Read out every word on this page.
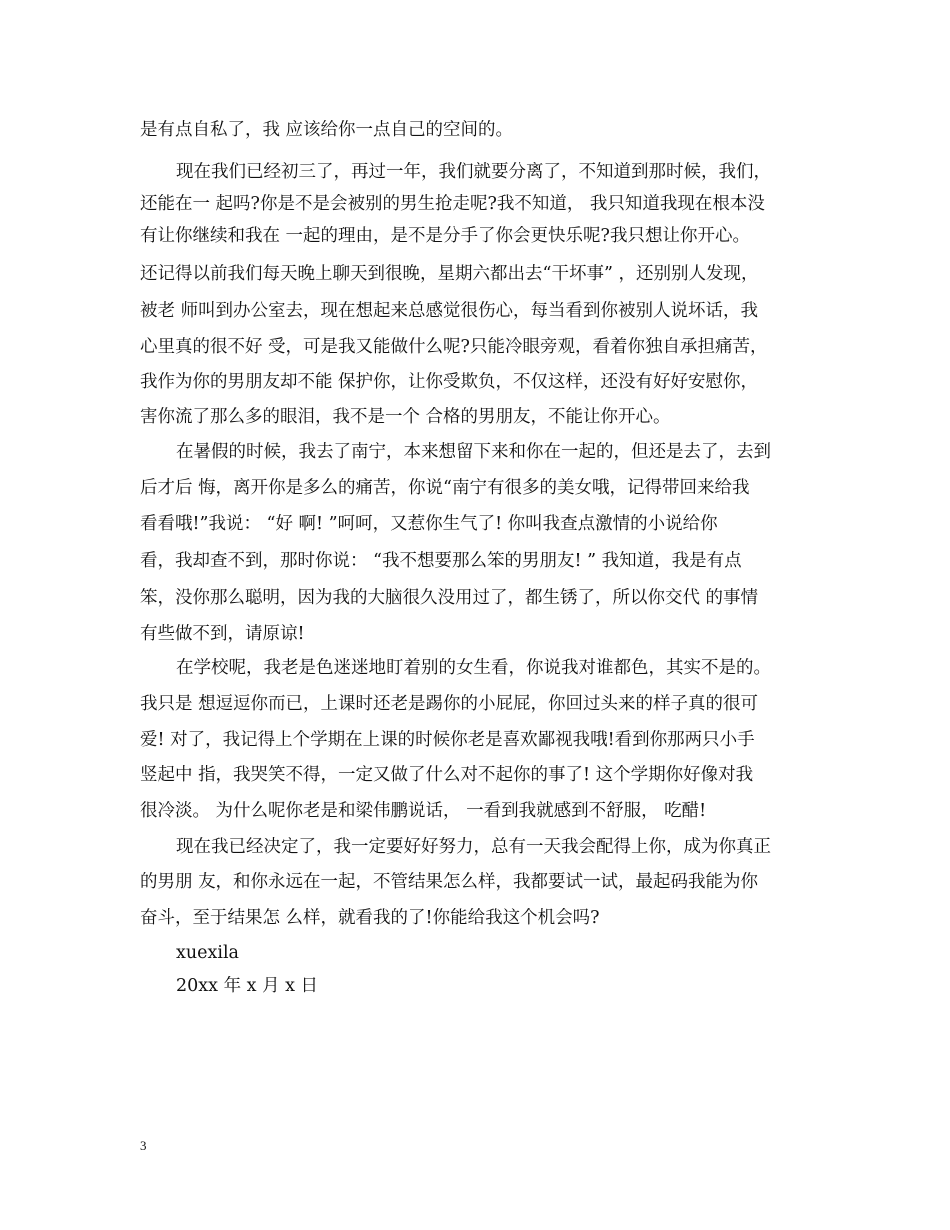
是有点自私了，我 应该给你一点自己的空间的。
现在我们已经初三了，再过一年，我们就要分离了，不知道到那时候，我们，
还能在一 起吗?你是不是会被别的男生抢走呢?我不知道， 我只知道我现在根本没
有让你继续和我在 一起的理由，是不是分手了你会更快乐呢?我只想让你开心。
还记得以前我们每天晚上聊天到很晚，星期六都出去“干坏事” ，还别别人发现，
被老 师叫到办公室去，现在想起来总感觉很伤心，每当看到你被别人说坏话，我
心里真的很不好 受，可是我又能做什么呢?只能冷眼旁观，看着你独自承担痛苦，
我作为你的男朋友却不能 保护你，让你受欺负，不仅这样，还没有好好安慰你，
害你流了那么多的眼泪，我不是一个 合格的男朋友，不能让你开心。
在暑假的时候，我去了南宁，本来想留下来和你在一起的，但还是去了，去到
后才后 悔，离开你是多么的痛苦，你说“南宁有很多的美女哦，记得带回来给我
看看哦!”我说： “好 啊! ”呵呵，又惹你生气了! 你叫我查点激情的小说给你
看，我却查不到，那时你说： “我不想要那么笨的男朋友! ” 我知道，我是有点
笨，没你那么聪明，因为我的大脑很久没用过了，都生锈了，所以你交代 的事情
有些做不到，请原谅!
在学校呢，我老是色迷迷地盯着别的女生看，你说我对谁都色，其实不是的。
我只是 想逗逗你而已，上课时还老是踢你的小屁屁，你回过头来的样子真的很可
爱! 对了，我记得上个学期在上课的时候你老是喜欢鄙视我哦!看到你那两只小手
竖起中 指，我哭笑不得，一定又做了什么对不起你的事了! 这个学期你好像对我
很冷淡。 为什么呢你老是和梁伟鹏说话， 一看到我就感到不舒服， 吃醋!
现在我已经决定了，我一定要好好努力，总有一天我会配得上你，成为你真正
的男朋 友，和你永远在一起，不管结果怎么样，我都要试一试，最起码我能为你
奋斗，至于结果怎 么样，就看我的了!你能给我这个机会吗?
xuexila
20xx 年 x 月 x 日
3
